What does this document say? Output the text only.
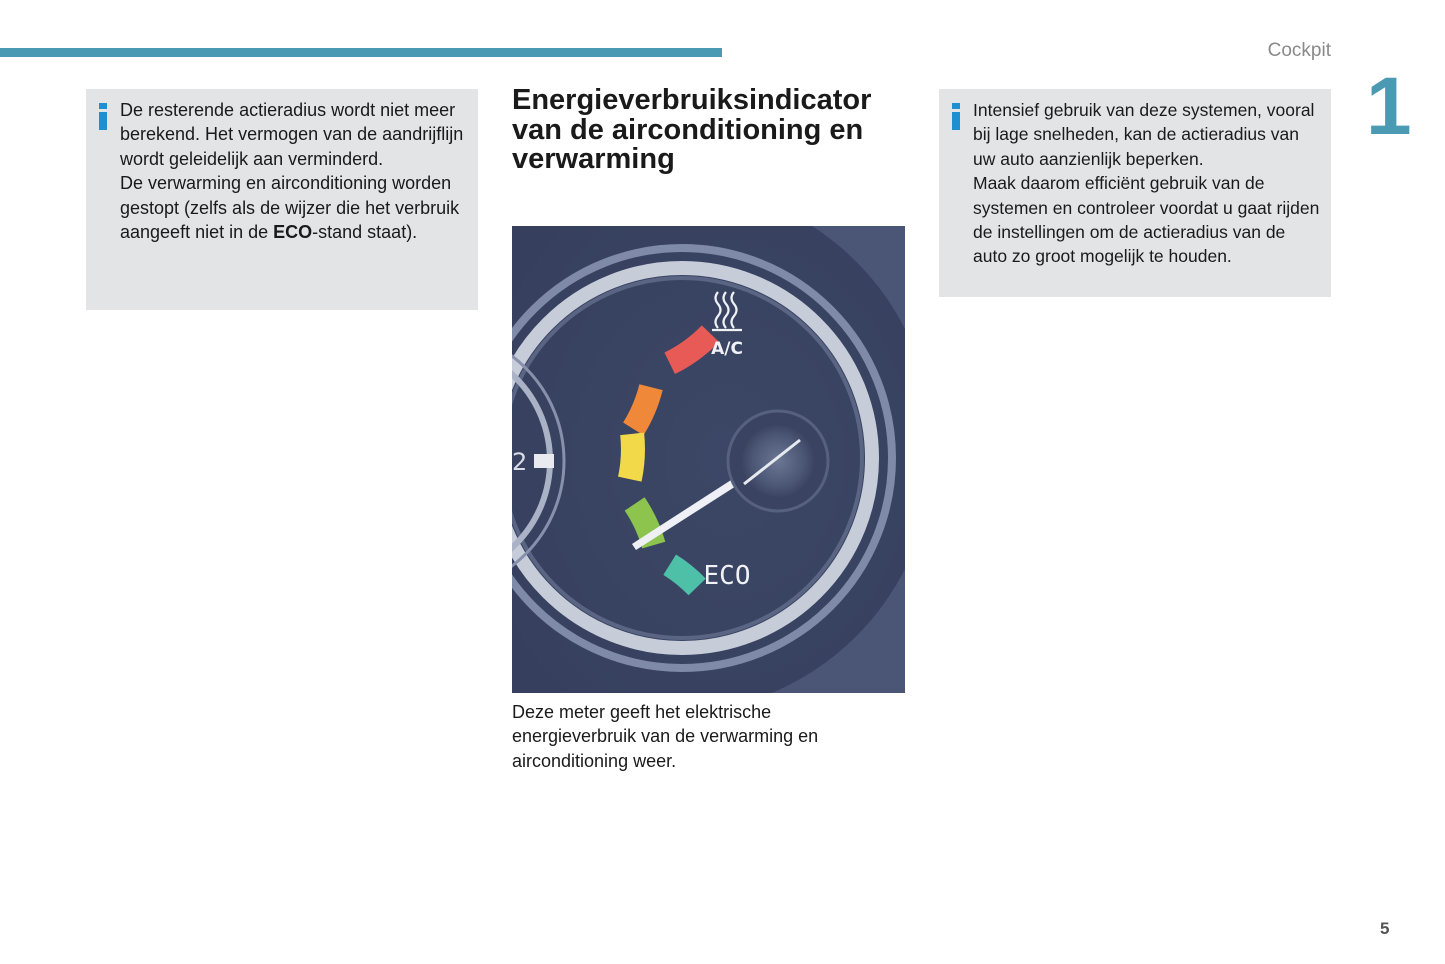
Cockpit
1

De resterende actieradius wordt niet meer berekend. Het vermogen van de aandrijflijn wordt geleidelijk aan verminderd.

De verwarming en airconditioning worden gestopt (zelfs als de wijzer die het verbruik aangeeft niet in de ECO-stand staat).

Energieverbruiksindicator van de airconditioning en verwarming
2
A/C
ECO

Deze meter geeft het elektrische energieverbruik van de verwarming en airconditioning weer.

Intensief gebruik van deze systemen, vooral bij lage snelheden, kan de actieradius van uw auto aanzienlijk beperken.

Maak daarom efficiënt gebruik van de systemen en controleer voordat u gaat rijden de instellingen om de actieradius van de auto zo groot mogelijk te houden.

5
